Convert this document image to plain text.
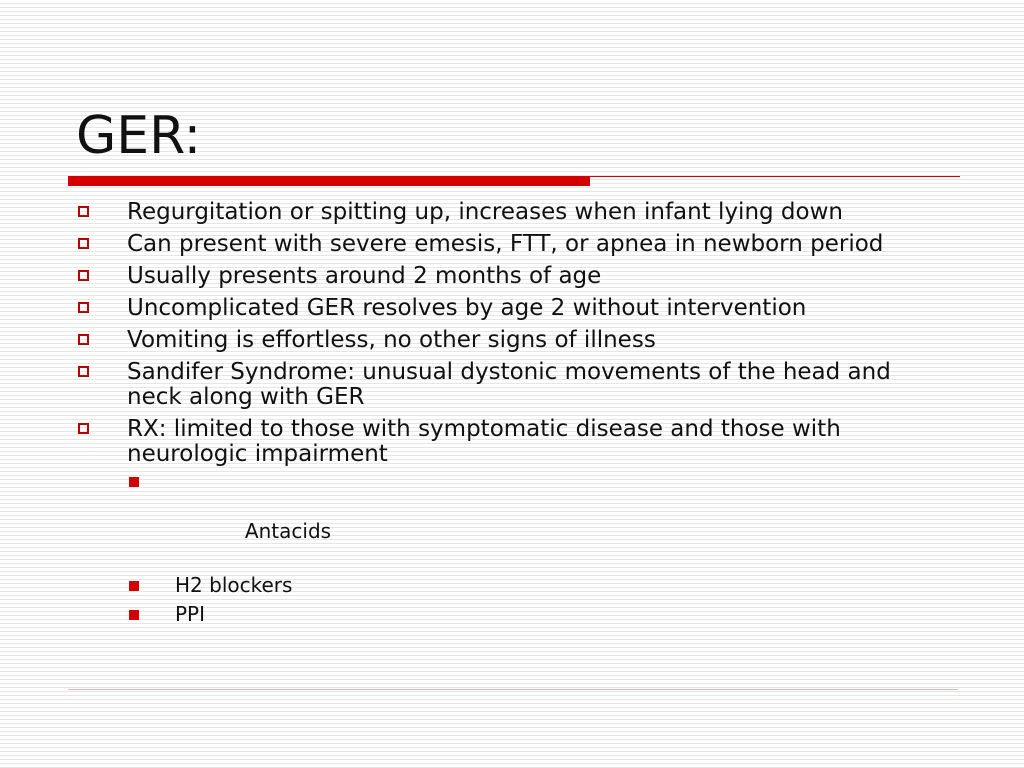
GER:
Regurgitation or spitting up, increases when infant lying down
Can present with severe emesis, FTT, or apnea in newborn period
Usually presents around 2 months of age
Uncomplicated GER resolves by age 2 without intervention
Vomiting is effortless, no other signs of illness
Sandifer Syndrome: unusual dystonic movements of the head and neck along with GER
RX: limited to those with symptomatic disease and those with neurologic impairment

Antacids

H2 blockers
PPI
